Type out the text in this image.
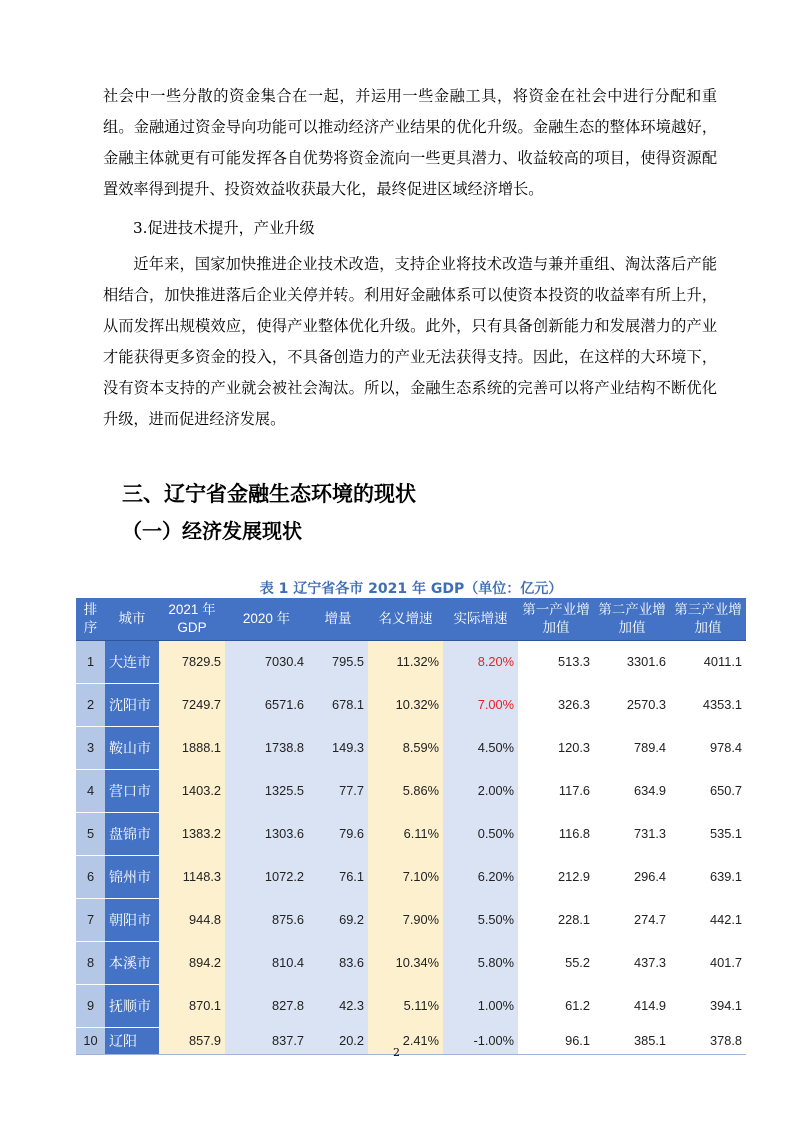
社会中一些分散的资金集合在一起，并运用一些金融工具，将资金在社会中进行分配和重组。金融通过资金导向功能可以推动经济产业结果的优化升级。金融生态的整体环境越好，金融主体就更有可能发挥各自优势将资金流向一些更具潜力、收益较高的项目，使得资源配置效率得到提升、投资效益收获最大化，最终促进区域经济增长。

3.促进技术提升，产业升级

近年来，国家加快推进企业技术改造，支持企业将技术改造与兼并重组、淘汰落后产能相结合，加快推进落后企业关停并转。利用好金融体系可以使资本投资的收益率有所上升，从而发挥出规模效应，使得产业整体优化升级。此外，只有具备创新能力和发展潜力的产业才能获得更多资金的投入，不具备创造力的产业无法获得支持。因此，在这样的大环境下，没有资本支持的产业就会被社会淘汰。所以，金融生态系统的完善可以将产业结构不断优化升级，进而促进经济发展。

三、辽宁省金融生态环境的现状
（一）经济发展现状

表 1 辽宁省各市 2021 年 GDP（单位：亿元）

排序	城市	2021 年 GDP	2020 年	增量	名义增速	实际增速	第一产业增加值	第二产业增加值	第三产业增加值
1	大连市	7829.5	7030.4	795.5	11.32%	8.20%	513.3	3301.6	4011.1
2	沈阳市	7249.7	6571.6	678.1	10.32%	7.00%	326.3	2570.3	4353.1
3	鞍山市	1888.1	1738.8	149.3	8.59%	4.50%	120.3	789.4	978.4
4	营口市	1403.2	1325.5	77.7	5.86%	2.00%	117.6	634.9	650.7
5	盘锦市	1383.2	1303.6	79.6	6.11%	0.50%	116.8	731.3	535.1
6	锦州市	1148.3	1072.2	76.1	7.10%	6.20%	212.9	296.4	639.1
7	朝阳市	944.8	875.6	69.2	7.90%	5.50%	228.1	274.7	442.1
8	本溪市	894.2	810.4	83.6	10.34%	5.80%	55.2	437.3	401.7
9	抚顺市	870.1	827.8	42.3	5.11%	1.00%	61.2	414.9	394.1
10	辽阳	857.9	837.7	20.2	2.41%	-1.00%	96.1	385.1	378.8

2
